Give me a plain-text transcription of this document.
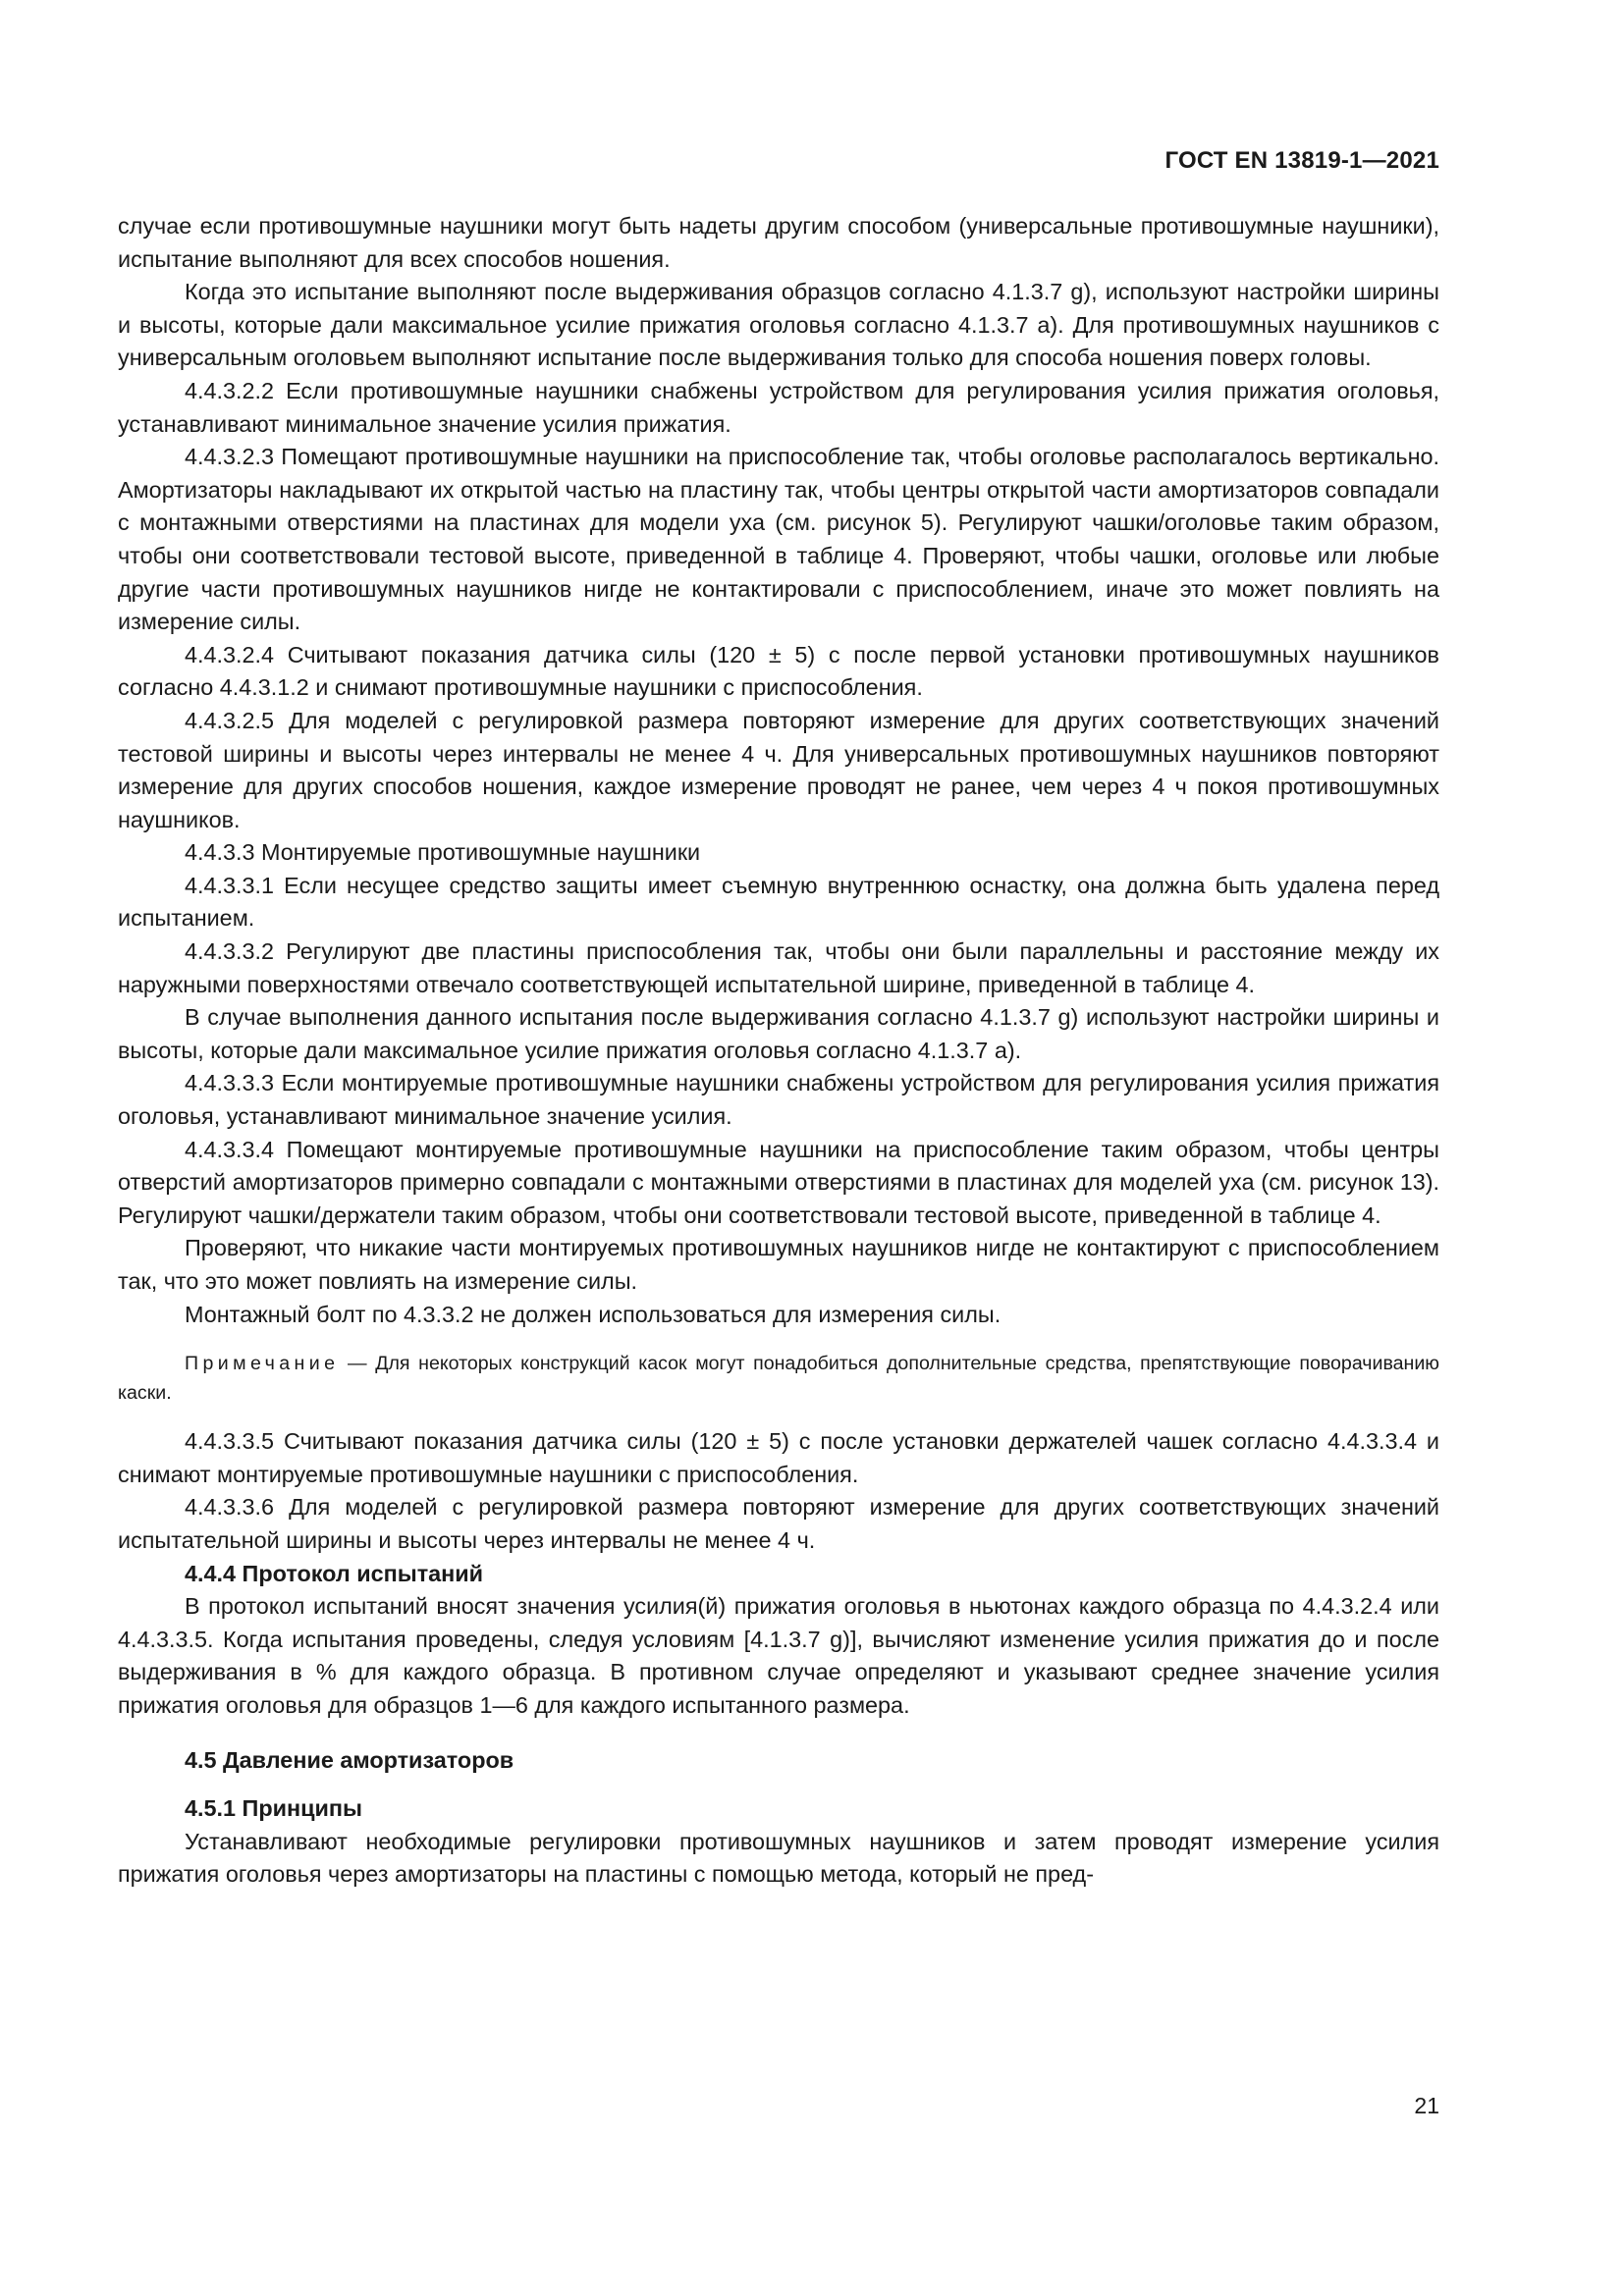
ГОСТ EN 13819-1—2021

случае если противошумные наушники могут быть надеты другим способом (универсальные противошумные наушники), испытание выполняют для всех способов ношения.

Когда это испытание выполняют после выдерживания образцов согласно 4.1.3.7 g), используют настройки ширины и высоты, которые дали максимальное усилие прижатия оголовья согласно 4.1.3.7 а). Для противошумных наушников с универсальным оголовьем выполняют испытание после выдерживания только для способа ношения поверх головы.

4.4.3.2.2 Если противошумные наушники снабжены устройством для регулирования усилия прижатия оголовья, устанавливают минимальное значение усилия прижатия.

4.4.3.2.3 Помещают противошумные наушники на приспособление так, чтобы оголовье располагалось вертикально. Амортизаторы накладывают их открытой частью на пластину так, чтобы центры открытой части амортизаторов совпадали с монтажными отверстиями на пластинах для модели уха (см. рисунок 5). Регулируют чашки/оголовье таким образом, чтобы они соответствовали тестовой высоте, приведенной в таблице 4. Проверяют, чтобы чашки, оголовье или любые другие части противошумных наушников нигде не контактировали с приспособлением, иначе это может повлиять на измерение силы.

4.4.3.2.4 Считывают показания датчика силы (120 ± 5) с после первой установки противошумных наушников согласно 4.4.3.1.2 и снимают противошумные наушники с приспособления.

4.4.3.2.5 Для моделей с регулировкой размера повторяют измерение для других соответствующих значений тестовой ширины и высоты через интервалы не менее 4 ч. Для универсальных противошумных наушников повторяют измерение для других способов ношения, каждое измерение проводят не ранее, чем через 4 ч покоя противошумных наушников.

4.4.3.3 Монтируемые противошумные наушники

4.4.3.3.1 Если несущее средство защиты имеет съемную внутреннюю оснастку, она должна быть удалена перед испытанием.

4.4.3.3.2 Регулируют две пластины приспособления так, чтобы они были параллельны и расстояние между их наружными поверхностями отвечало соответствующей испытательной ширине, приведенной в таблице 4.

В случае выполнения данного испытания после выдерживания согласно 4.1.3.7 g) используют настройки ширины и высоты, которые дали максимальное усилие прижатия оголовья согласно 4.1.3.7 а).

4.4.3.3.3 Если монтируемые противошумные наушники снабжены устройством для регулирования усилия прижатия оголовья, устанавливают минимальное значение усилия.

4.4.3.3.4 Помещают монтируемые противошумные наушники на приспособление таким образом, чтобы центры отверстий амортизаторов примерно совпадали с монтажными отверстиями в пластинах для моделей уха (см. рисунок 13). Регулируют чашки/держатели таким образом, чтобы они соответствовали тестовой высоте, приведенной в таблице 4.

Проверяют, что никакие части монтируемых противошумных наушников нигде не контактируют с приспособлением так, что это может повлиять на измерение силы.

Монтажный болт по 4.3.3.2 не должен использоваться для измерения силы.

Примечание — Для некоторых конструкций касок могут понадобиться дополнительные средства, препятствующие поворачиванию каски.

4.4.3.3.5 Считывают показания датчика силы (120 ± 5) с после установки держателей чашек согласно 4.4.3.3.4 и снимают монтируемые противошумные наушники с приспособления.

4.4.3.3.6 Для моделей с регулировкой размера повторяют измерение для других соответствующих значений испытательной ширины и высоты через интервалы не менее 4 ч.

4.4.4 Протокол испытаний

В протокол испытаний вносят значения усилия(й) прижатия оголовья в ньютонах каждого образца по 4.4.3.2.4 или 4.4.3.3.5. Когда испытания проведены, следуя условиям [4.1.3.7 g)], вычисляют изменение усилия прижатия до и после выдерживания в % для каждого образца. В противном случае определяют и указывают среднее значение усилия прижатия оголовья для образцов 1—6 для каждого испытанного размера.

4.5 Давление амортизаторов

4.5.1 Принципы

Устанавливают необходимые регулировки противошумных наушников и затем проводят измерение усилия прижатия оголовья через амортизаторы на пластины с помощью метода, который не пред-

21
